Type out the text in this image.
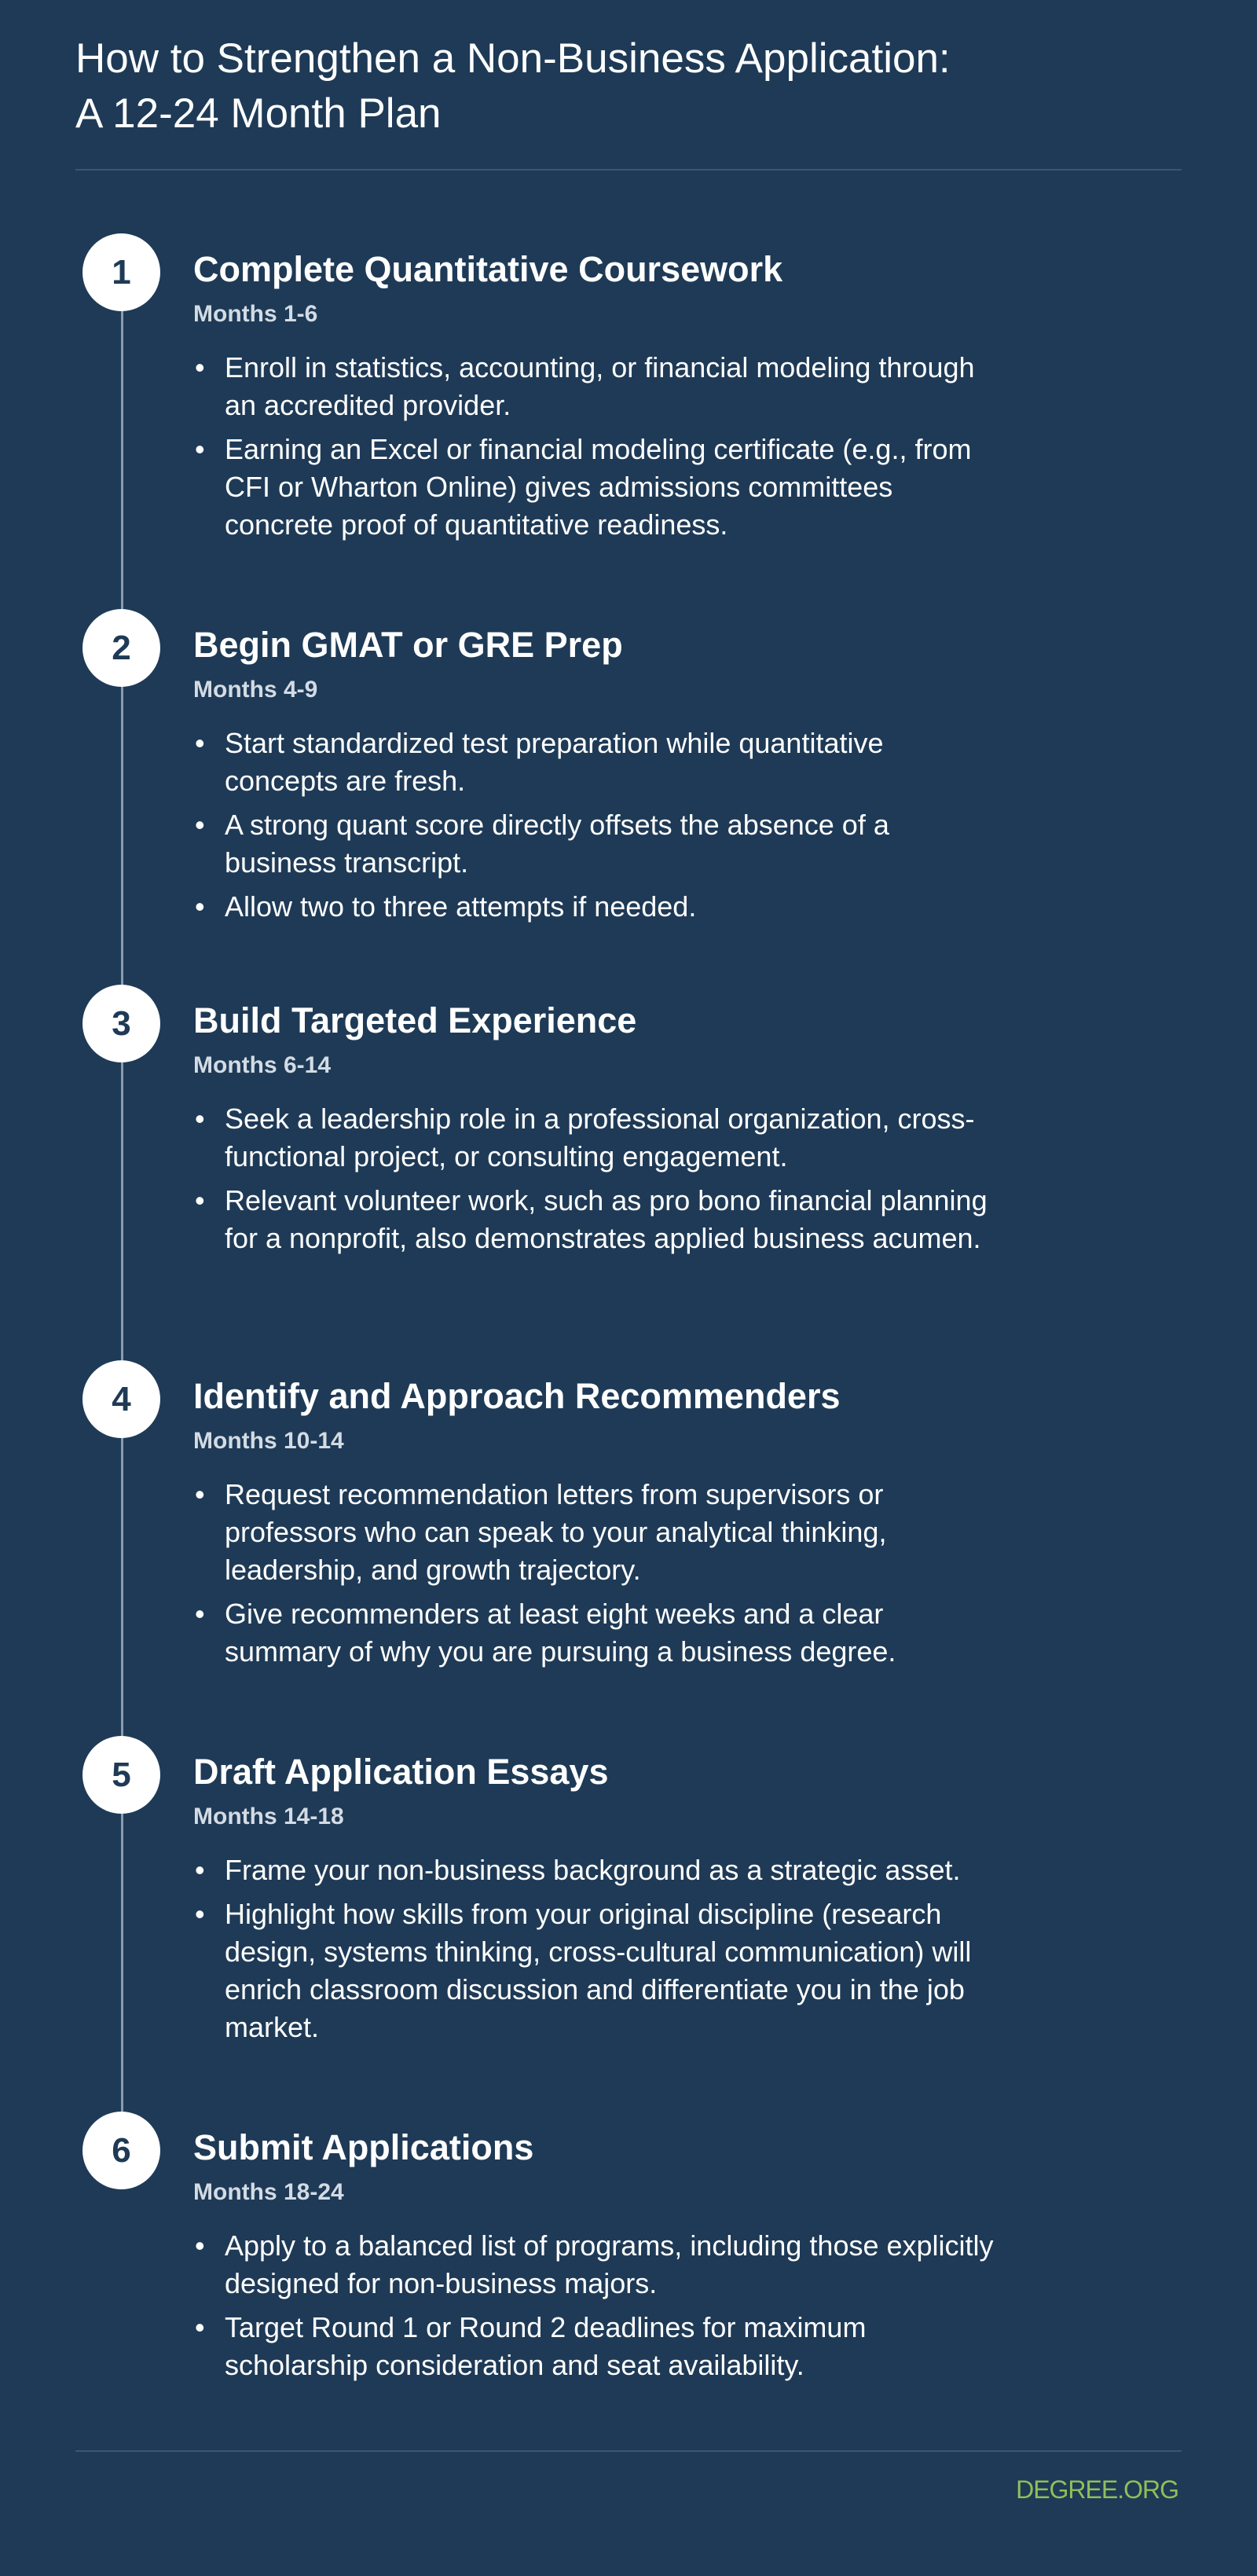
How to Strengthen a Non-Business Application:
A 12-24 Month Plan
1	Complete Quantitative Coursework
Months 1-6
• Enroll in statistics, accounting, or financial modeling through an accredited provider.
• Earning an Excel or financial modeling certificate (e.g., from CFI or Wharton Online) gives admissions committees concrete proof of quantitative readiness.
2	Begin GMAT or GRE Prep
Months 4-9
• Start standardized test preparation while quantitative concepts are fresh.
• A strong quant score directly offsets the absence of a business transcript.
• Allow two to three attempts if needed.
3	Build Targeted Experience
Months 6-14
• Seek a leadership role in a professional organization, cross-functional project, or consulting engagement.
• Relevant volunteer work, such as pro bono financial planning for a nonprofit, also demonstrates applied business acumen.
4	Identify and Approach Recommenders
Months 10-14
• Request recommendation letters from supervisors or professors who can speak to your analytical thinking, leadership, and growth trajectory.
• Give recommenders at least eight weeks and a clear summary of why you are pursuing a business degree.
5	Draft Application Essays
Months 14-18
• Frame your non-business background as a strategic asset.
• Highlight how skills from your original discipline (research design, systems thinking, cross-cultural communication) will enrich classroom discussion and differentiate you in the job market.
6	Submit Applications
Months 18-24
• Apply to a balanced list of programs, including those explicitly designed for non-business majors.
• Target Round 1 or Round 2 deadlines for maximum scholarship consideration and seat availability.
DEGREE.ORG
